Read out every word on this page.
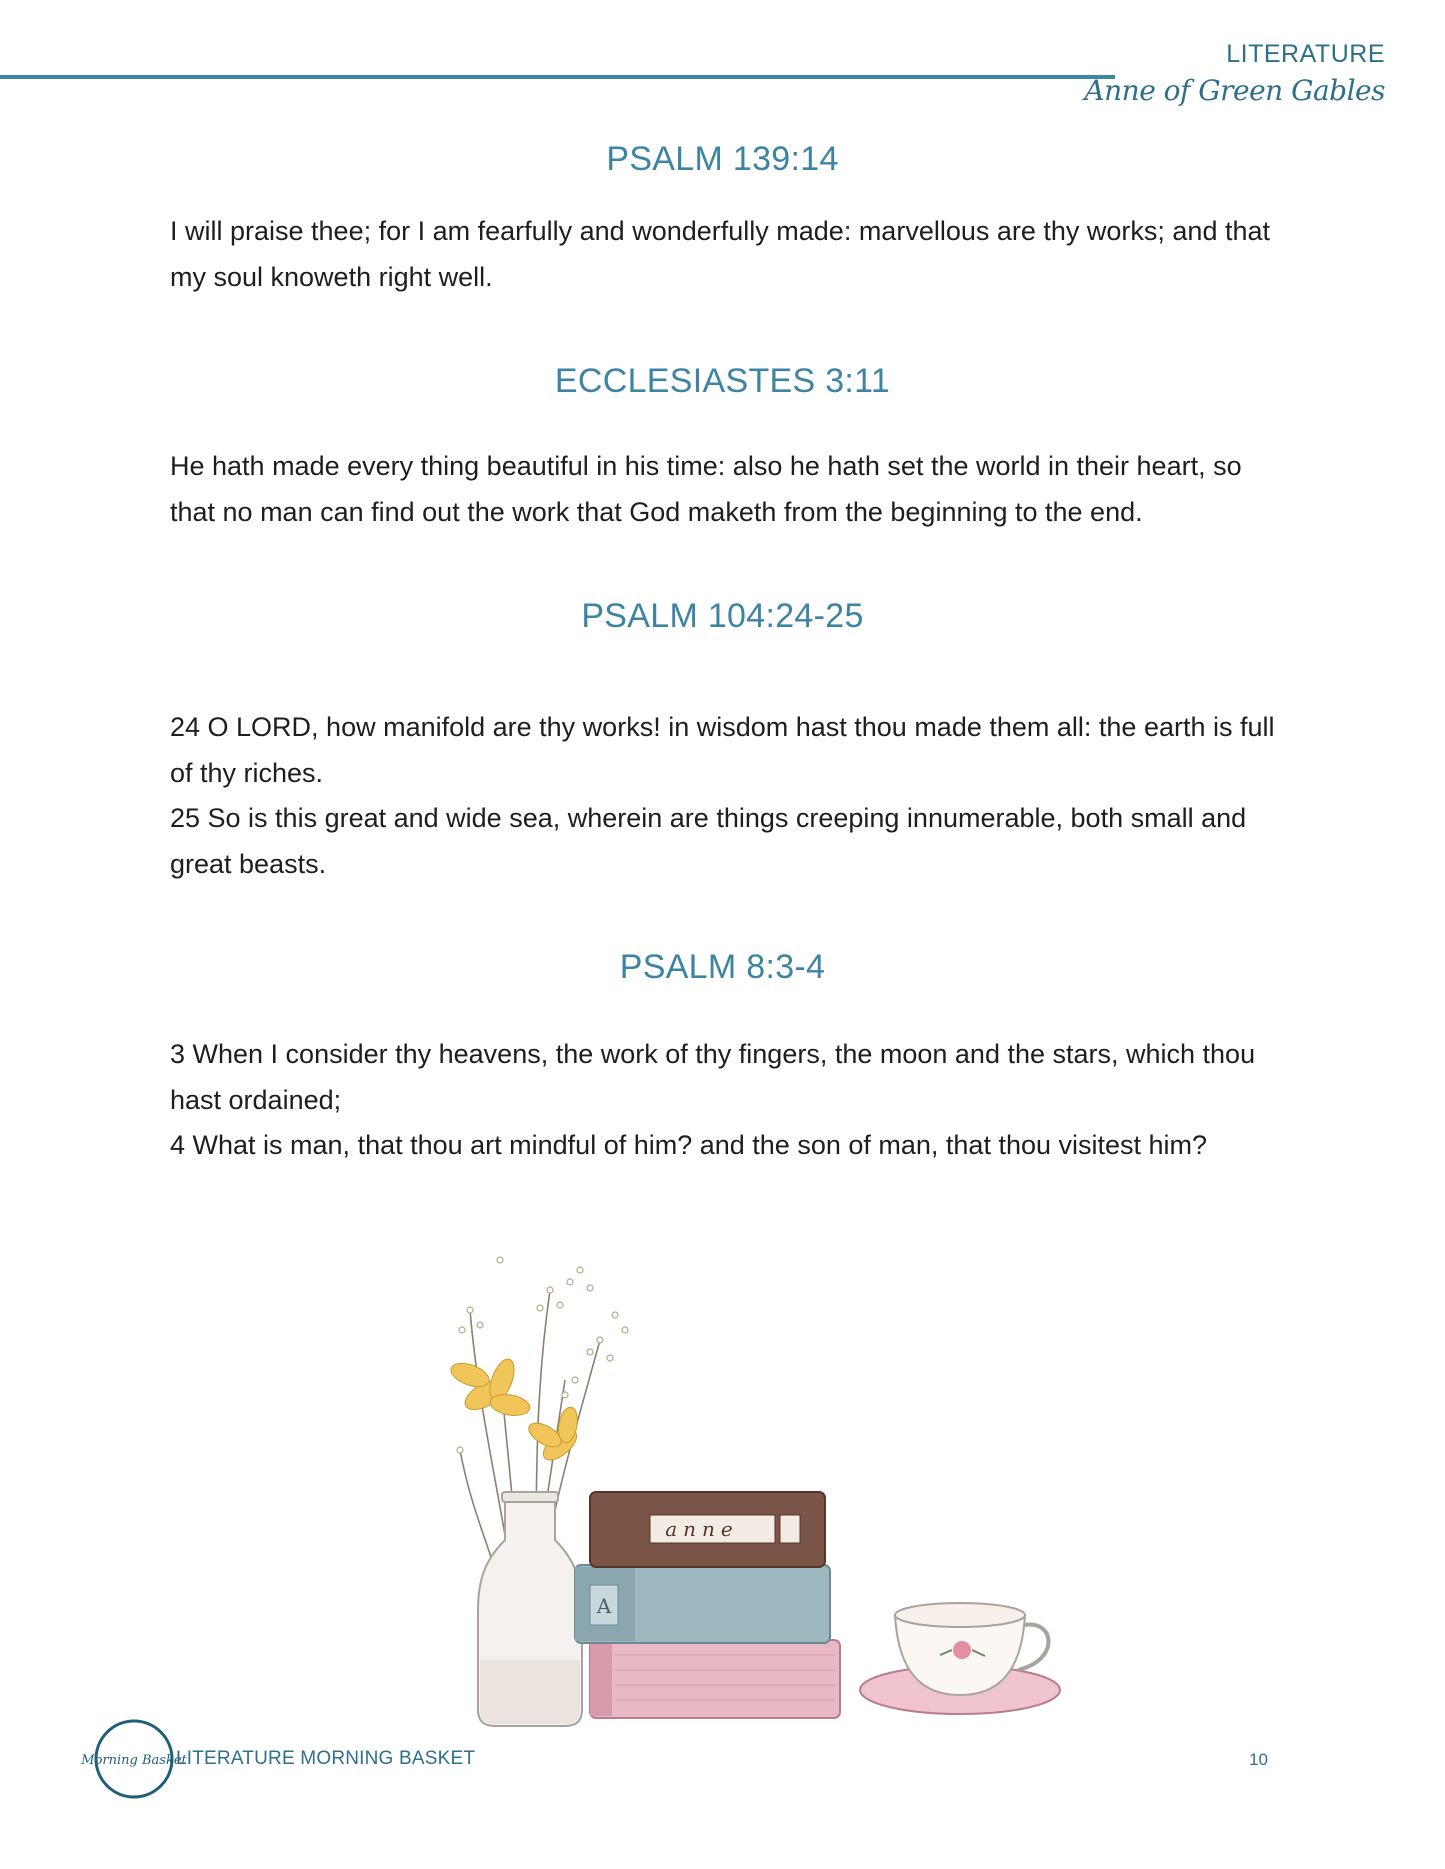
LITERATURE
Anne of Green Gables
PSALM 139:14

I will praise thee; for I am fearfully and wonderfully made: marvellous are thy works; and that my soul knoweth right well.

ECCLESIASTES 3:11

He hath made every thing beautiful in his time: also he hath set the world in their heart, so that no man can find out the work that God maketh from the beginning to the end.

PSALM 104:24-25

24 O LORD, how manifold are thy works! in wisdom hast thou made them all: the earth is full of thy riches.

25 So is this great and wide sea, wherein are things creeping innumerable, both small and great beasts.

PSALM 8:3-4

3 When I consider thy heavens, the work of thy fingers, the moon and the stars, which thou hast ordained;

4 What is man, that thou art mindful of him? and the son of man, that thou visitest him?

A
anne
Morning Basket
LITERATURE MORNING BASKET	10
